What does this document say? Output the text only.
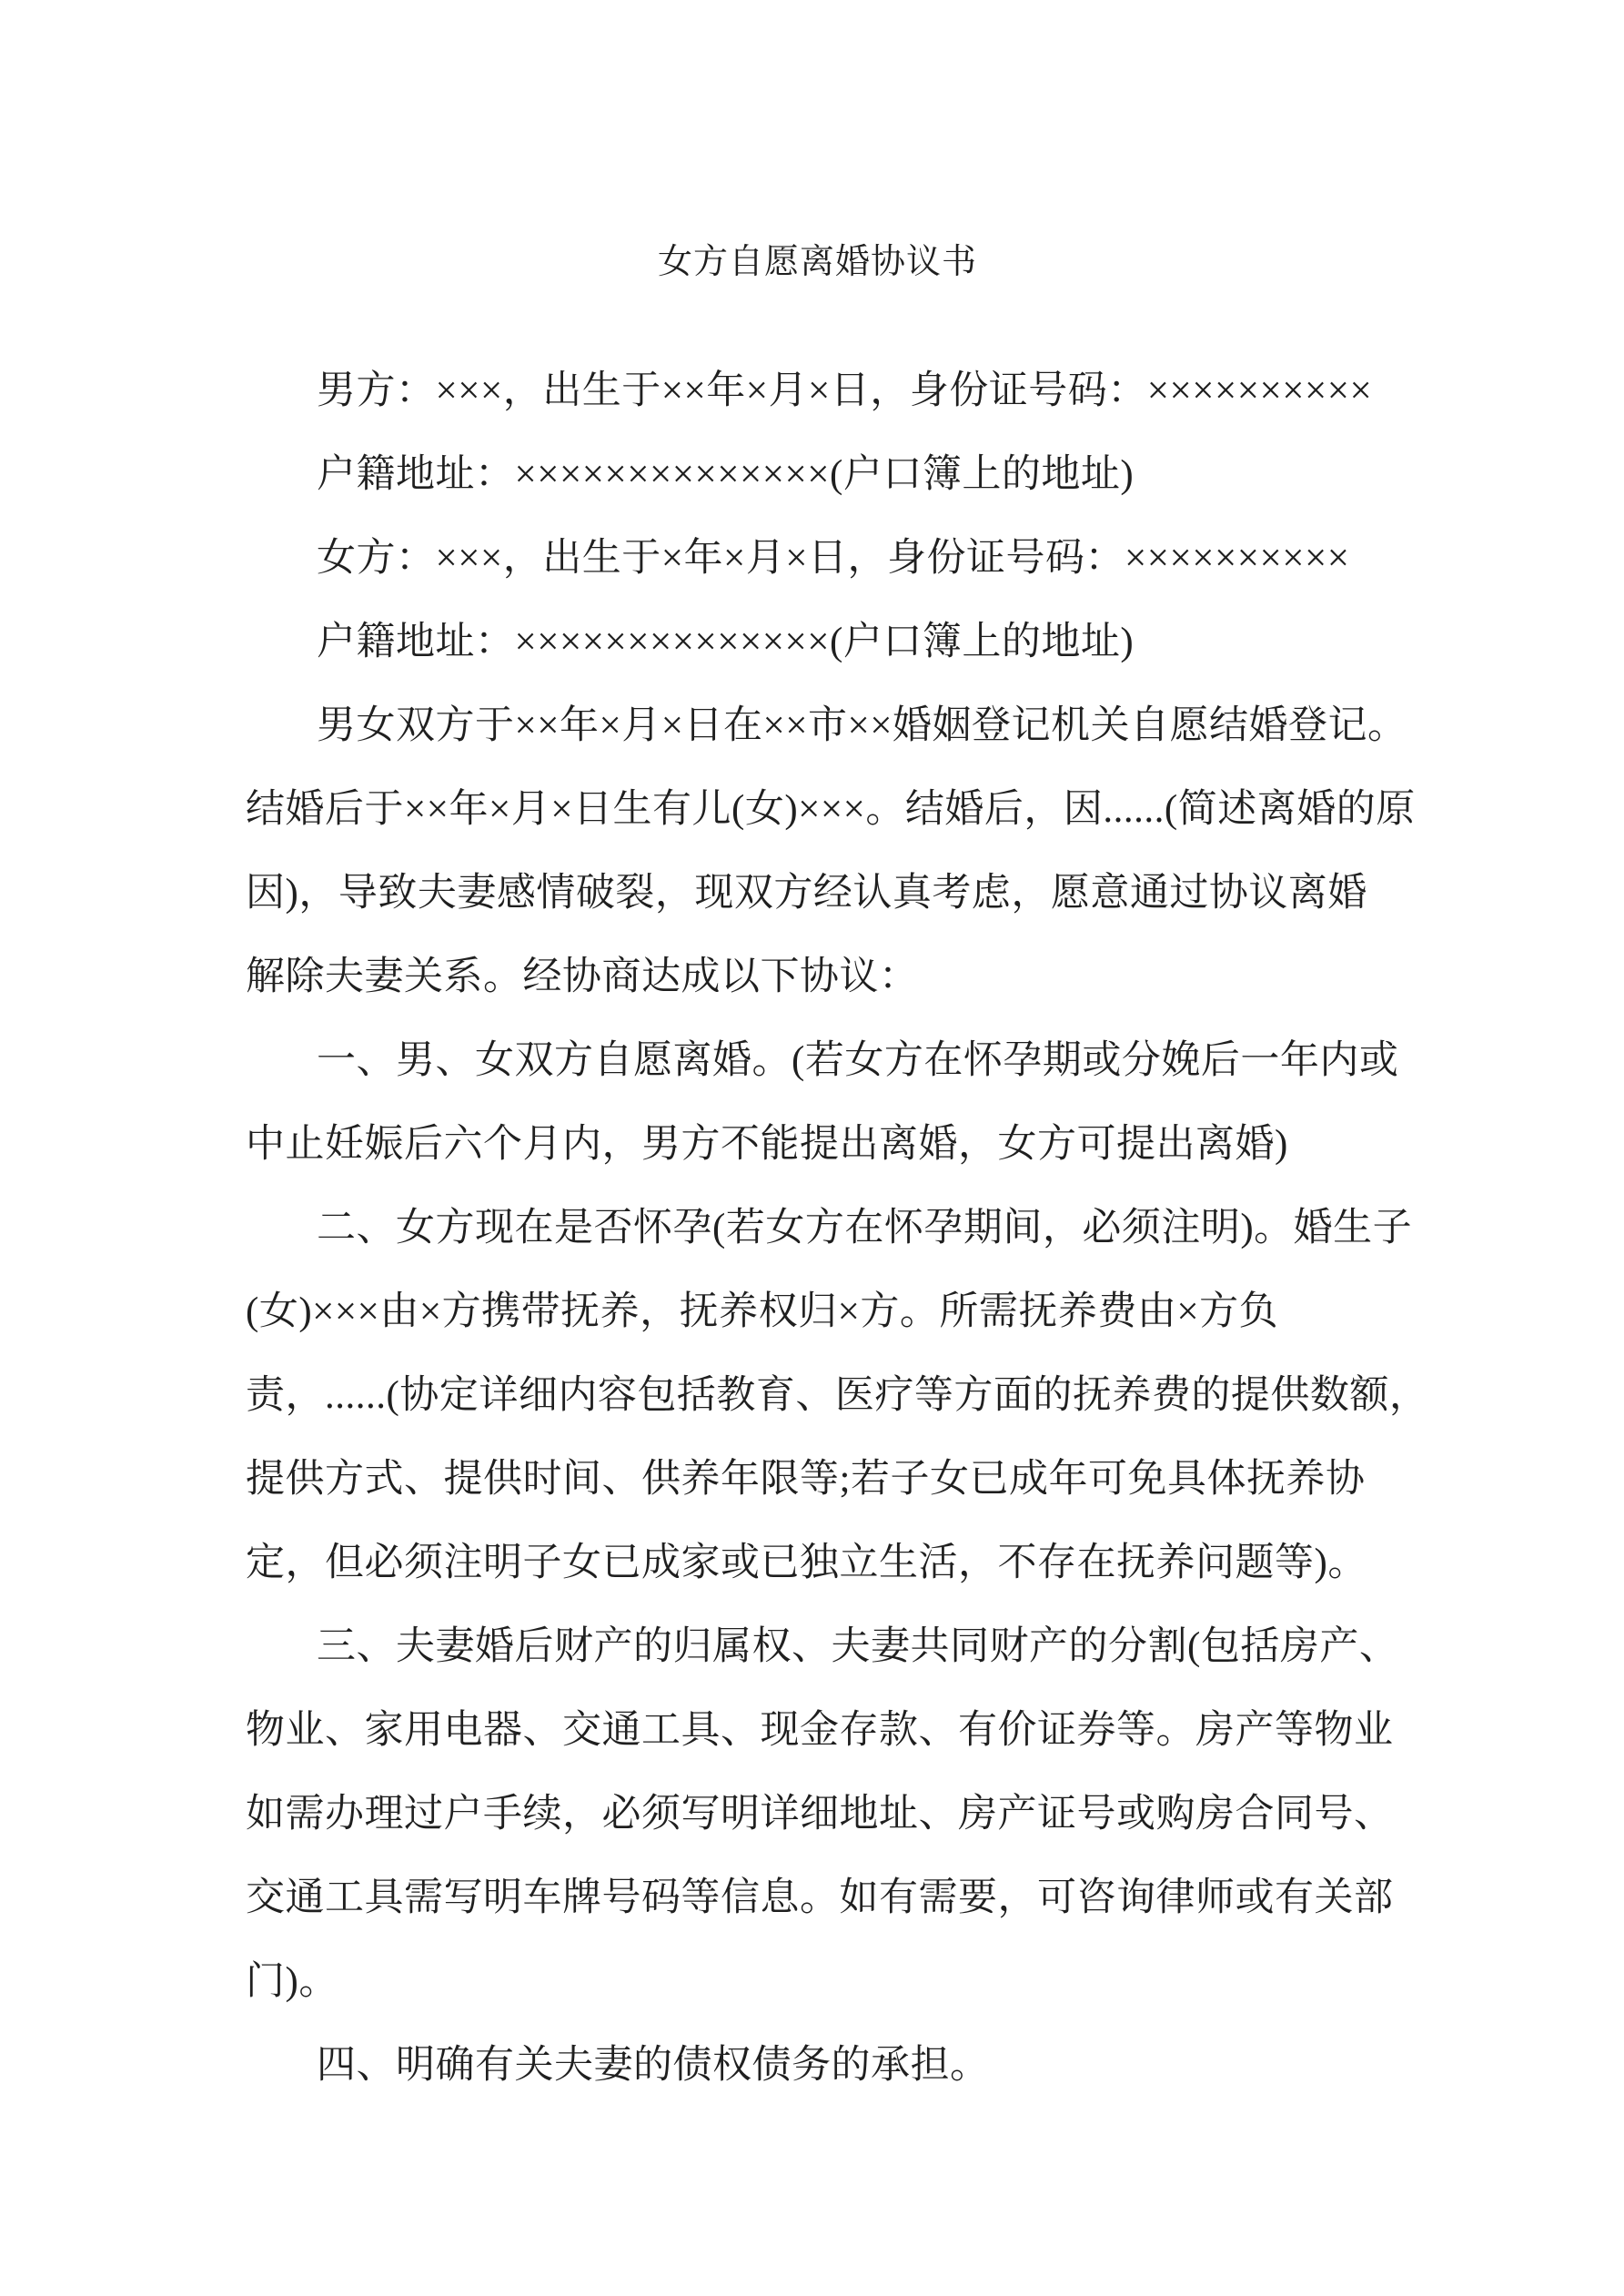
女方自愿离婚协议书
男方：×××，出生于××年×月×日，身份证号码：××××××××××
户籍地址：××××××××××××××(户口簿上的地址)
女方：×××，出生于×年×月×日，身份证号码：××××××××××
户籍地址：××××××××××××××(户口簿上的地址)
男女双方于××年×月×日在××市××婚姻登记机关自愿结婚登记。
结婚后于××年×月×日生有儿(女)×××。结婚后，因......(简述离婚的原
因)，导致夫妻感情破裂，现双方经认真考虑，愿意通过协议离婚
解除夫妻关系。经协商达成以下协议：
一、男、女双方自愿离婚。(若女方在怀孕期或分娩后一年内或
中止妊娠后六个月内，男方不能提出离婚，女方可提出离婚)
二、女方现在是否怀孕(若女方在怀孕期间，必须注明)。婚生子
(女)×××由×方携带抚养，抚养权归×方。所需抚养费由×方负
责，......(协定详细内容包括教育、医疗等方面的抚养费的提供数额，
提供方式、提供时间、供养年限等;若子女已成年可免具体抚养协
定，但必须注明子女已成家或已独立生活，不存在抚养问题等)。
三、夫妻婚后财产的归属权、夫妻共同财产的分割(包括房产、
物业、家用电器、交通工具、现金存款、有价证券等。房产等物业
如需办理过户手续，必须写明详细地址、房产证号或购房合同号、
交通工具需写明车牌号码等信息。如有需要，可咨询律师或有关部
门)。
四、明确有关夫妻的债权债务的承担。
